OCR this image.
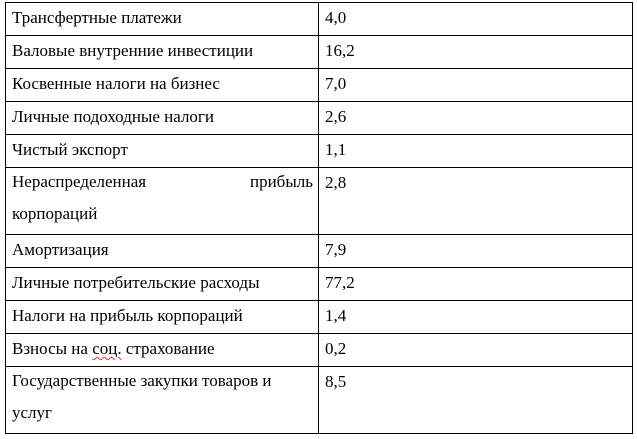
Трансфертные платежи	4,0

Валовые внутренние инвестиции	16,2

Косвенные налоги на бизнес	7,0

Личные подоходные налоги	2,6

Чистый экспорт	1,1

Нераспределенная прибыль
корпораций	2,8

Амортизация	7,9

Личные потребительские расходы	77,2

Налоги на прибыль корпораций	1,4

Взносы на соц. страхование	0,2

Государственные закупки товаров и
услуг	8,5
